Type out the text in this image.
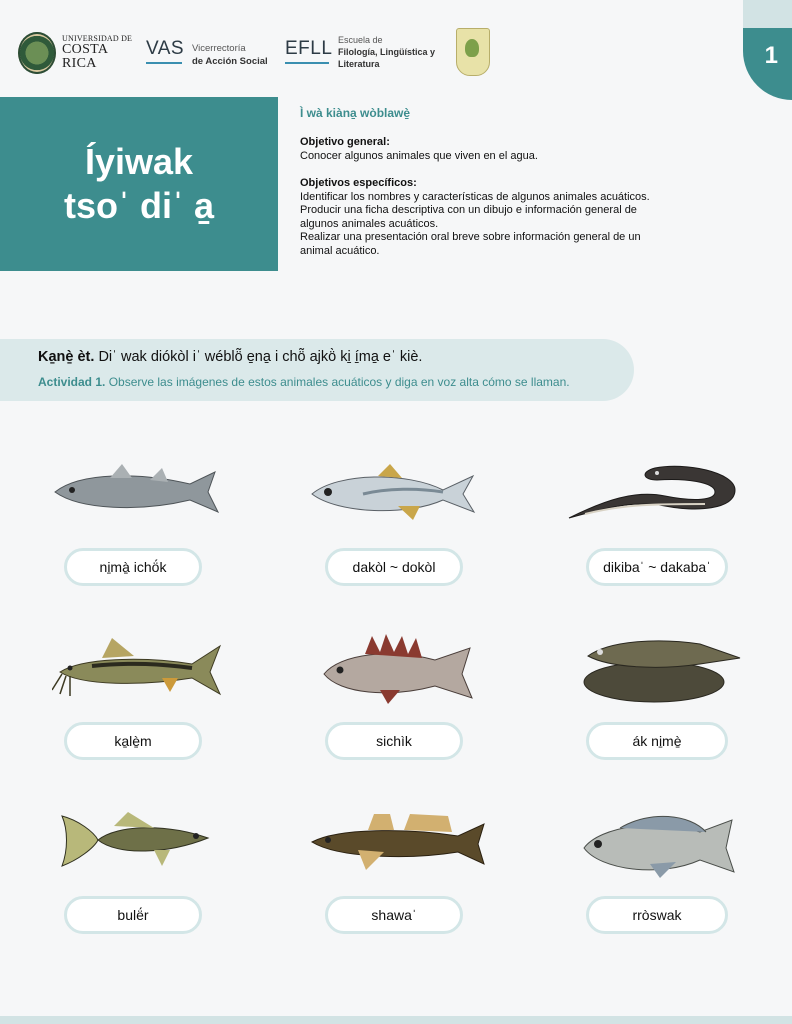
UNIVERSIDAD DE
COSTA RICA
VAS Vicerrectoría
de Acción Social
EFLL Escuela de
Filología, Lingüística y
Literatura	1
Íyiwak
tsoˈ diˈ a̱
Ì wà kiàna̱ wòblawè̱
Objetivo general:
Conocer algunos animales que viven en el agua.
Objetivos específicos:
Identificar los nombres y características de algunos animales acuáticos.
Producir una ficha descriptiva con un dibujo e información general de
algunos animales acuáticos.
Realizar una presentación oral breve sobre información general de un
animal acuático.
Ka̱nè̱ èt. Diˈ wak diókòl iˈ wéblö̃ e̱na̱ i chö̃ ajkö̀ ki̱ í̱ma̱ eˈ kiè.
Actividad 1. Observe las imágenes de estos animales acuáticos y diga en voz alta cómo se llaman.
ni̱mà̱ ichö́k	dakòl ~ dokòl	dikibaˈ ~ dakabaˈ
ka̱lè̱m	sichìk	ák ni̱mè̱
bulë́r	shawaˈ	rròswak
